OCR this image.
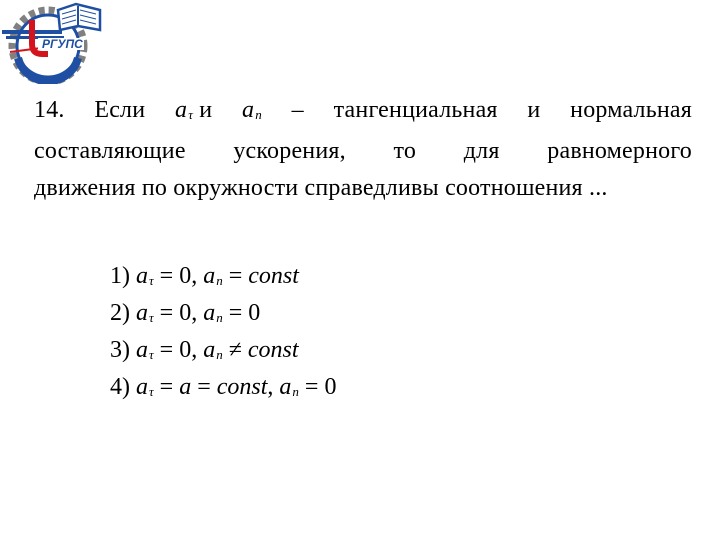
РГУПС
14. Если $a_\tau$ и $a_n$ – тангенциальная и нормальная
составляющие ускорения, то для равномерного
движения по окружности справедливы соотношения ...
1) $a_\tau = 0$, $a_n$ = const
2) $a_\tau = 0$, $a_n = 0$
3) $a_\tau = 0$, $a_n$ ≠ const
4) $a_\tau = a$ = const, $a_n = 0$
